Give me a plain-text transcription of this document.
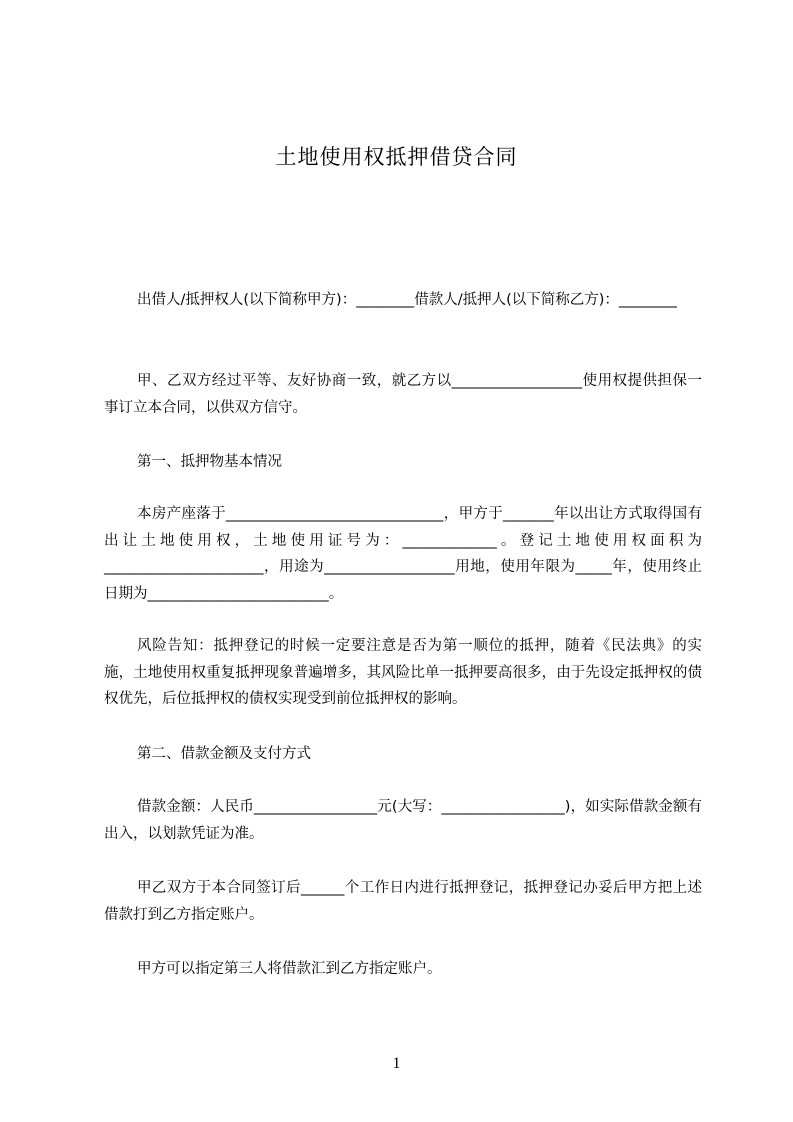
土地使用权抵押借贷合同

出借人/抵押权人(以下简称甲方)：________借款人/抵押人(以下简称乙方)：________

甲、乙双方经过平等、友好协商一致，就乙方以__________________使用权提供担保一事订立本合同，以供双方信守。

第一、抵押物基本情况

本房产座落于______________________________，甲方于_______年以出让方式取得国有出让土地使用权，土地使用证号为：_____________。登记土地使用权面积为______________________，用途为__________________用地，使用年限为_____年，使用终止日期为_________________________。

风险告知：抵押登记的时候一定要注意是否为第一顺位的抵押，随着《民法典》的实施，土地使用权重复抵押现象普遍增多，其风险比单一抵押要高很多，由于先设定抵押权的债权优先，后位抵押权的债权实现受到前位抵押权的影响。

第二、借款金额及支付方式

借款金额：人民币_________________元(大写：_________________)，如实际借款金额有出入，以划款凭证为准。

甲乙双方于本合同签订后______个工作日内进行抵押登记，抵押登记办妥后甲方把上述借款打到乙方指定账户。

甲方可以指定第三人将借款汇到乙方指定账户。

1
